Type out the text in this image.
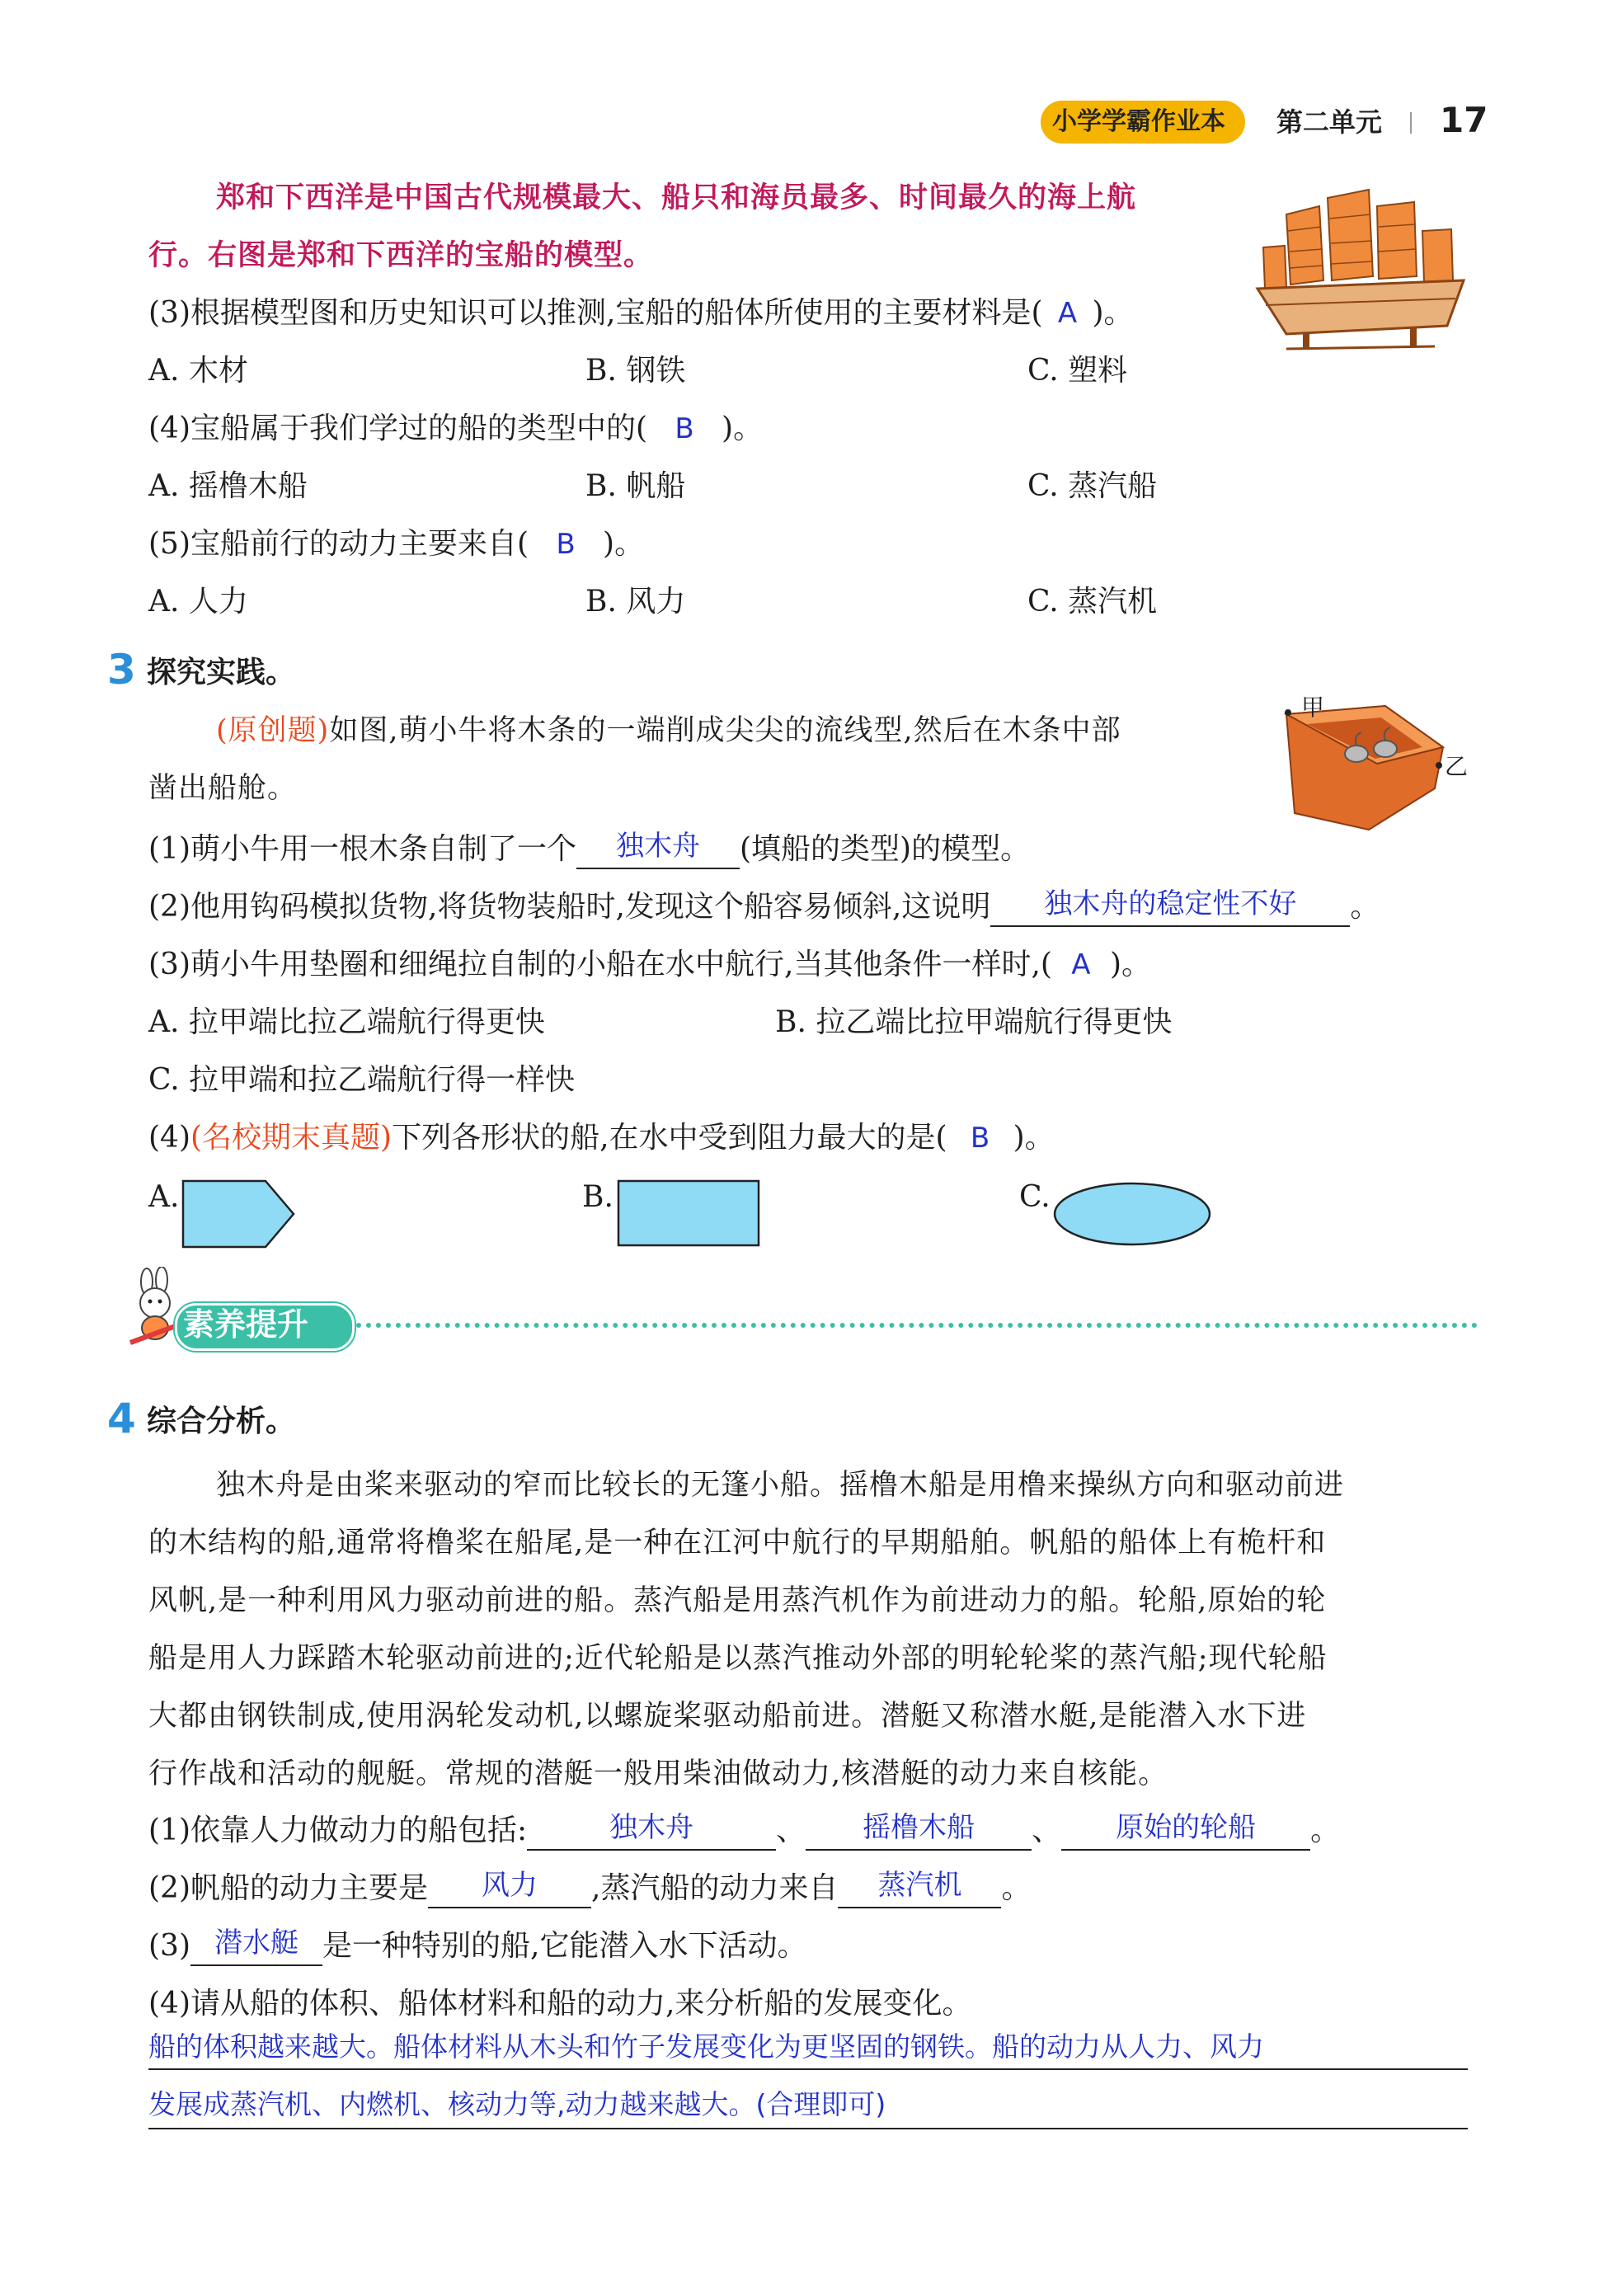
小学学霸作业本 第二单元 17
郑和下西洋是中国古代规模最大、船只和海员最多、时间最久的海上航
行。右图是郑和下西洋的宝船的模型。
(3)根据模型图和历史知识可以推测,宝船的船体所使用的主要材料是( A )。
A. 木材	B. 钢铁	C. 塑料
(4)宝船属于我们学过的船的类型中的( B )。
A. 摇橹木船	B. 帆船	C. 蒸汽船
(5)宝船前行的动力主要来自( B )。
A. 人力	B. 风力	C. 蒸汽机
3 探究实践。
(原创题)如图,萌小牛将木条的一端削成尖尖的流线型,然后在木条中部
凿出船舱。
甲
乙
(1)萌小牛用一根木条自制了一个	独木舟	(填船的类型)的模型。
(2)他用钩码模拟货物,将货物装船时,发现这个船容易倾斜,这说明	独木舟的稳定性不好	。
(3)萌小牛用垫圈和细绳拉自制的小船在水中航行,当其他条件一样时,( A )。
A. 拉甲端比拉乙端航行得更快	B. 拉乙端比拉甲端航行得更快
C. 拉甲端和拉乙端航行得一样快
(4)(名校期末真题)下列各形状的船,在水中受到阻力最大的是( B )。
A.	B.	C.
素养提升
4 综合分析。
独木舟是由桨来驱动的窄而比较长的无篷小船。摇橹木船是用橹来操纵方向和驱动前进
的木结构的船,通常将橹桨在船尾,是一种在江河中航行的早期船舶。帆船的船体上有桅杆和
风帆,是一种利用风力驱动前进的船。蒸汽船是用蒸汽机作为前进动力的船。轮船,原始的轮
船是用人力踩踏木轮驱动前进的;近代轮船是以蒸汽推动外部的明轮轮桨的蒸汽船;现代轮船
大都由钢铁制成,使用涡轮发动机,以螺旋桨驱动船前进。潜艇又称潜水艇,是能潜入水下进
行作战和活动的舰艇。常规的潜艇一般用柴油做动力,核潜艇的动力来自核能。
(1)依靠人力做动力的船包括:	独木舟	、	摇橹木船	、	原始的轮船	。
(2)帆船的动力主要是	风力	,蒸汽船的动力来自	蒸汽机	。
(3) 潜水艇 是一种特别的船,它能潜入水下活动。
(4)请从船的体积、船体材料和船的动力,来分析船的发展变化。
船的体积越来越大。船体材料从木头和竹子发展变化为更坚固的钢铁。船的动力从人力、风力
发展成蒸汽机、内燃机、核动力等,动力越来越大。(合理即可)
